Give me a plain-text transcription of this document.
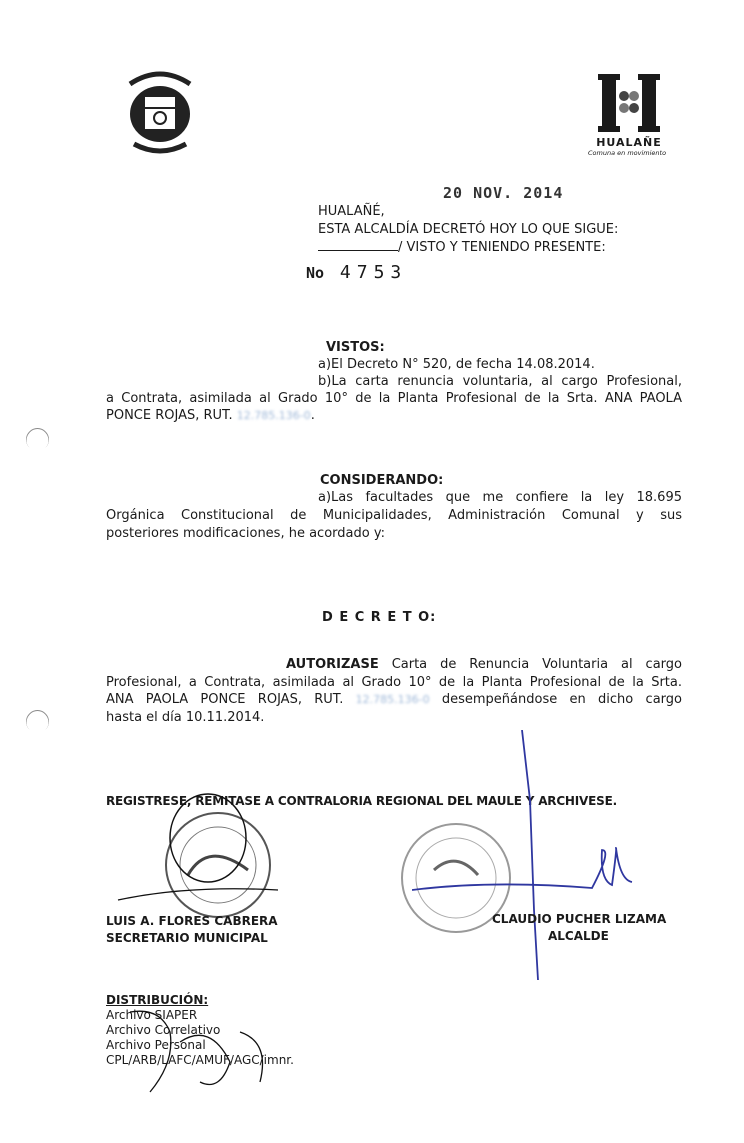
HUALAÑE
Comuna en movimiento
20 NOV. 2014
HUALAÑÉ,
ESTA ALCALDÍA DECRETÓ HOY LO QUE SIGUE:
/ VISTO Y TENIENDO PRESENTE:
No 4753
VISTOS:
a)El Decreto N° 520, de fecha 14.08.2014.
b)La carta renuncia voluntaria, al cargo Profesional,
a Contrata, asimilada al Grado 10° de la Planta Profesional de la Srta. ANA PAOLA
PONCE ROJAS, RUT. 12.785.136-0.
CONSIDERANDO:
a)Las facultades que me confiere la ley 18.695
Orgánica Constitucional de Municipalidades, Administración Comunal y sus
posteriores modificaciones, he acordado y:
D E C R E T O:
AUTORIZASE Carta de Renuncia Voluntaria al cargo
Profesional, a Contrata, asimilada al Grado 10° de la Planta Profesional de la Srta.
ANA PAOLA PONCE ROJAS, RUT. 12.785.136-0 desempeñándose en dicho cargo
hasta el día 10.11.2014.
REGISTRESE, REMITASE A CONTRALORIA REGIONAL DEL MAULE Y ARCHIVESE.
LUIS A. FLORES CABRERA
SECRETARIO MUNICIPAL
CLAUDIO PUCHER LIZAMA
ALCALDE
DISTRIBUCIÓN:
Archivo SIAPER
Archivo Correlativo
Archivo Personal
CPL/ARB/LAFC/AMUF/AGC/imnr.
